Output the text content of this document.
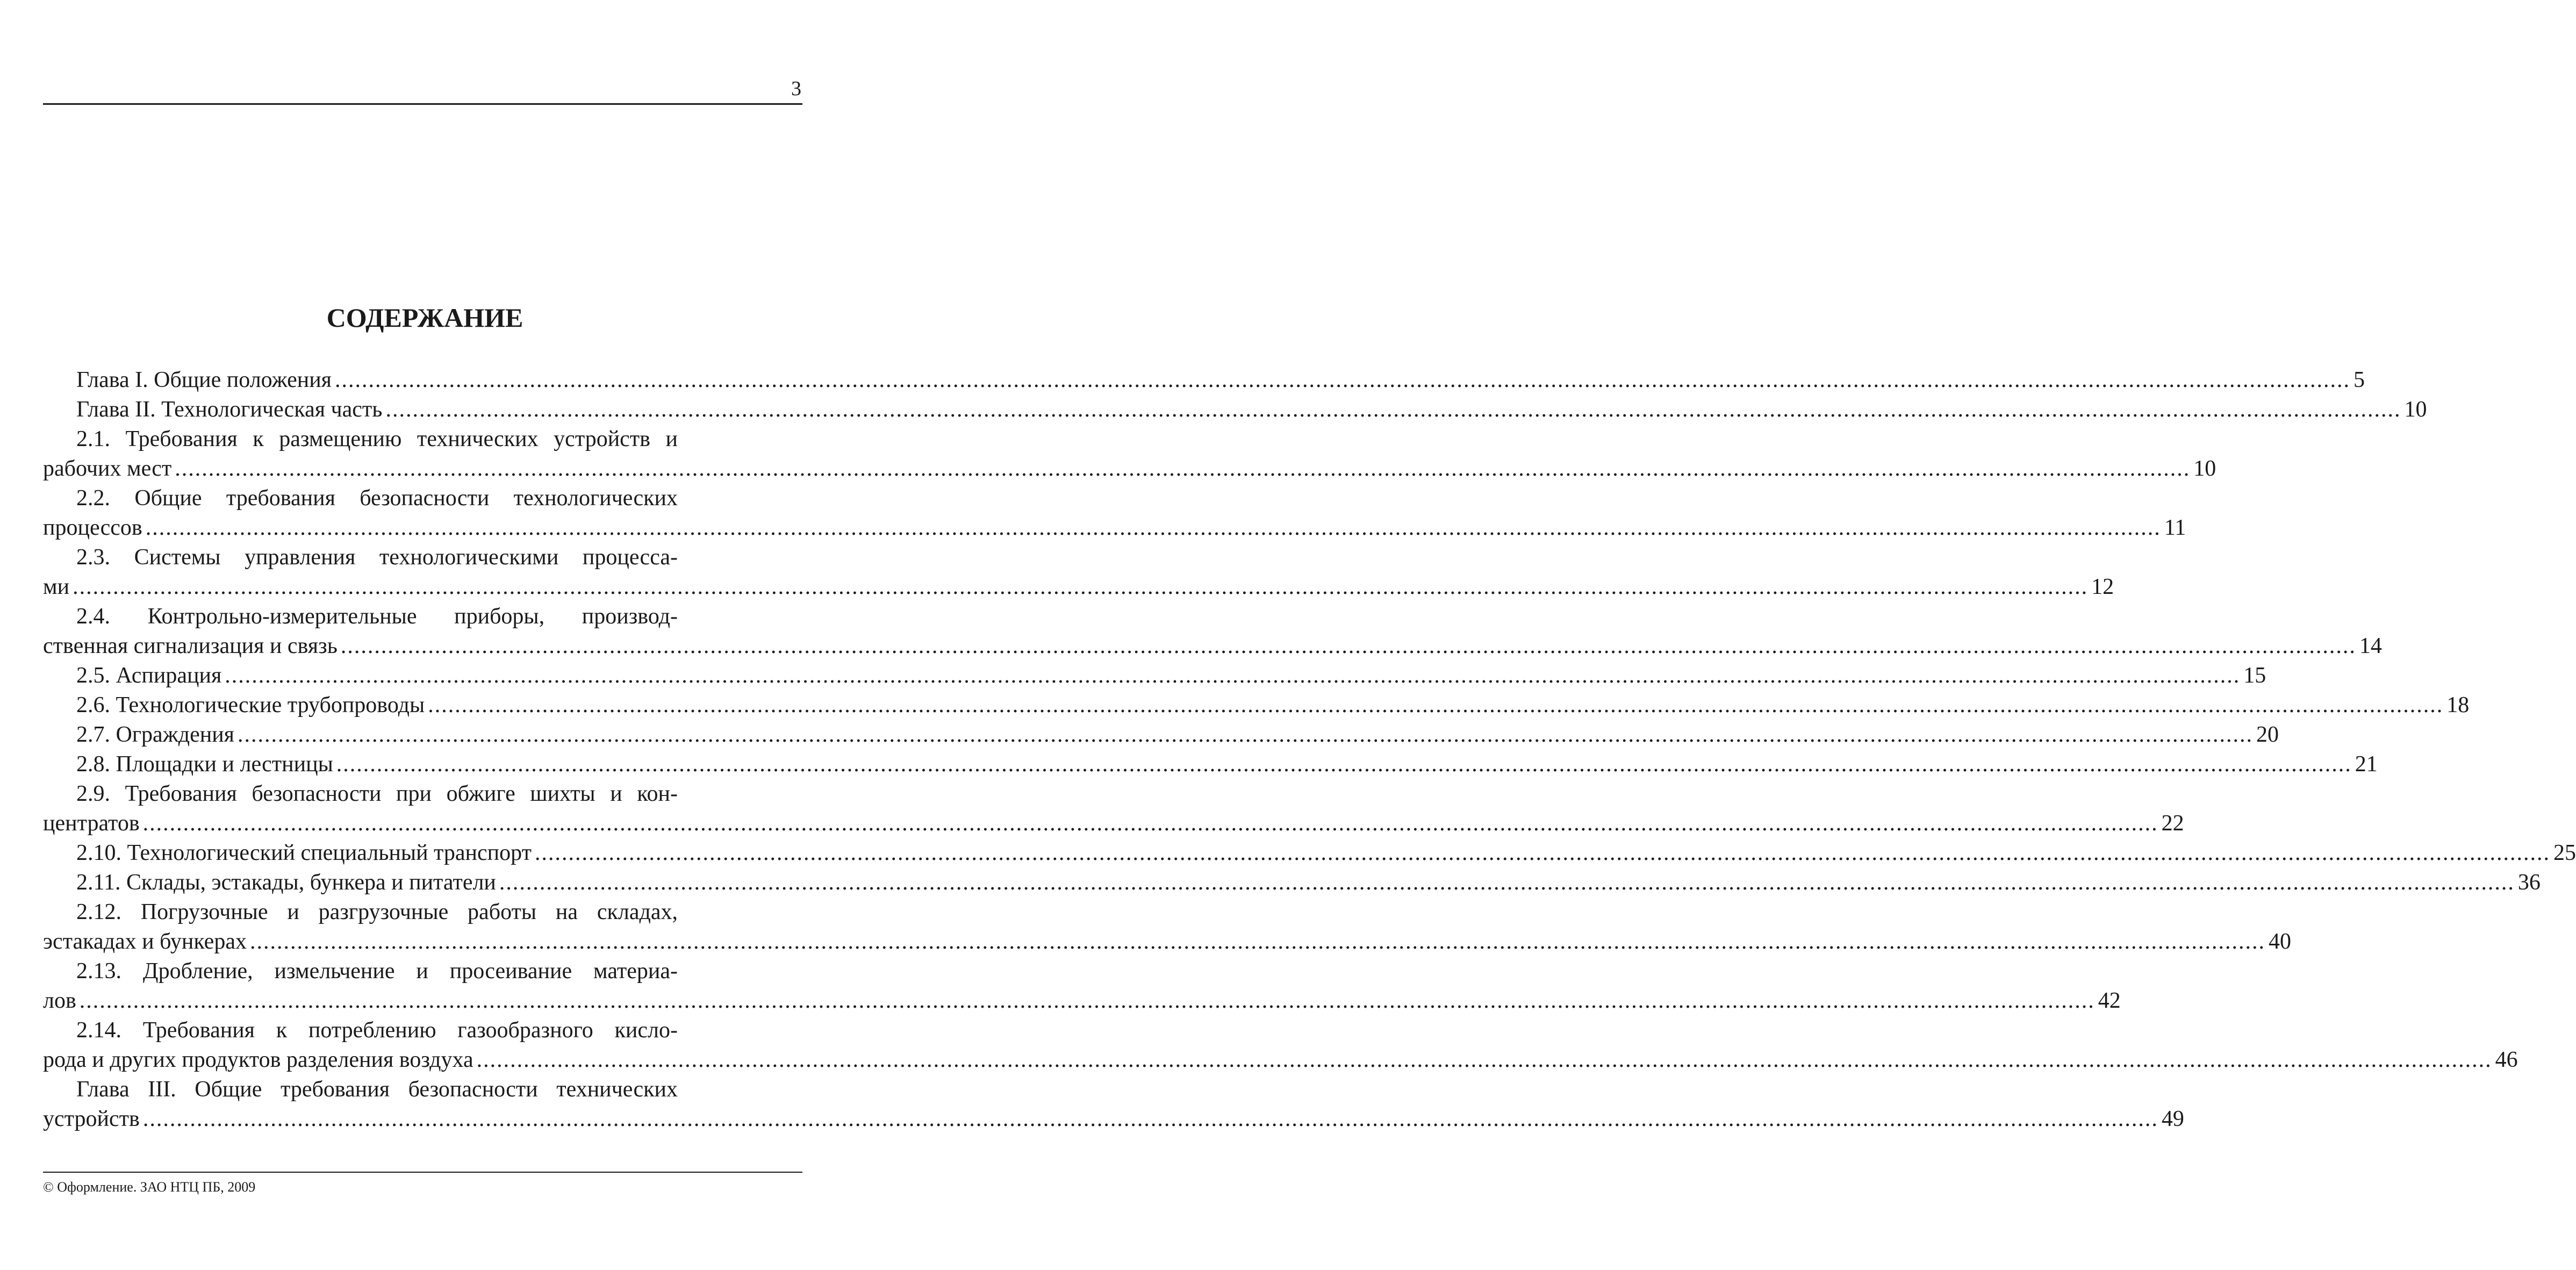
3
СОДЕРЖАНИЕ
Глава I. Общие положения ............................................................................................................................................................................................................................................................................................................ 5
Глава II. Технологическая часть ............................................................................................................................................................................................................................................................................................................ 10
2.1. Требования к размещению технических устройств и
рабочих мест ............................................................................................................................................................................................................................................................................................................ 10
2.2. Общие требования безопасности технологических
процессов ............................................................................................................................................................................................................................................................................................................ 11
2.3. Системы управления технологическими процесса-
ми ............................................................................................................................................................................................................................................................................................................ 12
2.4. Контрольно-измерительные приборы, производ-
ственная сигнализация и связь ............................................................................................................................................................................................................................................................................................................ 14
2.5. Аспирация ............................................................................................................................................................................................................................................................................................................ 15
2.6. Технологические трубопроводы ............................................................................................................................................................................................................................................................................................................ 18
2.7. Ограждения ............................................................................................................................................................................................................................................................................................................ 20
2.8. Площадки и лестницы ............................................................................................................................................................................................................................................................................................................ 21
2.9. Требования безопасности при обжиге шихты и кон-
центратов ............................................................................................................................................................................................................................................................................................................ 22
2.10. Технологический специальный транспорт ............................................................................................................................................................................................................................................................................................................ 25
2.11. Склады, эстакады, бункера и питатели ............................................................................................................................................................................................................................................................................................................ 36
2.12. Погрузочные и разгрузочные работы на складах,
эстакадах и бункерах ............................................................................................................................................................................................................................................................................................................ 40
2.13. Дробление, измельчение и просеивание материа-
лов ............................................................................................................................................................................................................................................................................................................ 42
2.14. Требования к потреблению газообразного кисло-
рода и других продуктов разделения воздуха ............................................................................................................................................................................................................................................................................................................ 46
Глава III. Общие требования безопасности технических
устройств ............................................................................................................................................................................................................................................................................................................ 49
© Оформление. ЗАО НТЦ ПБ, 2009
